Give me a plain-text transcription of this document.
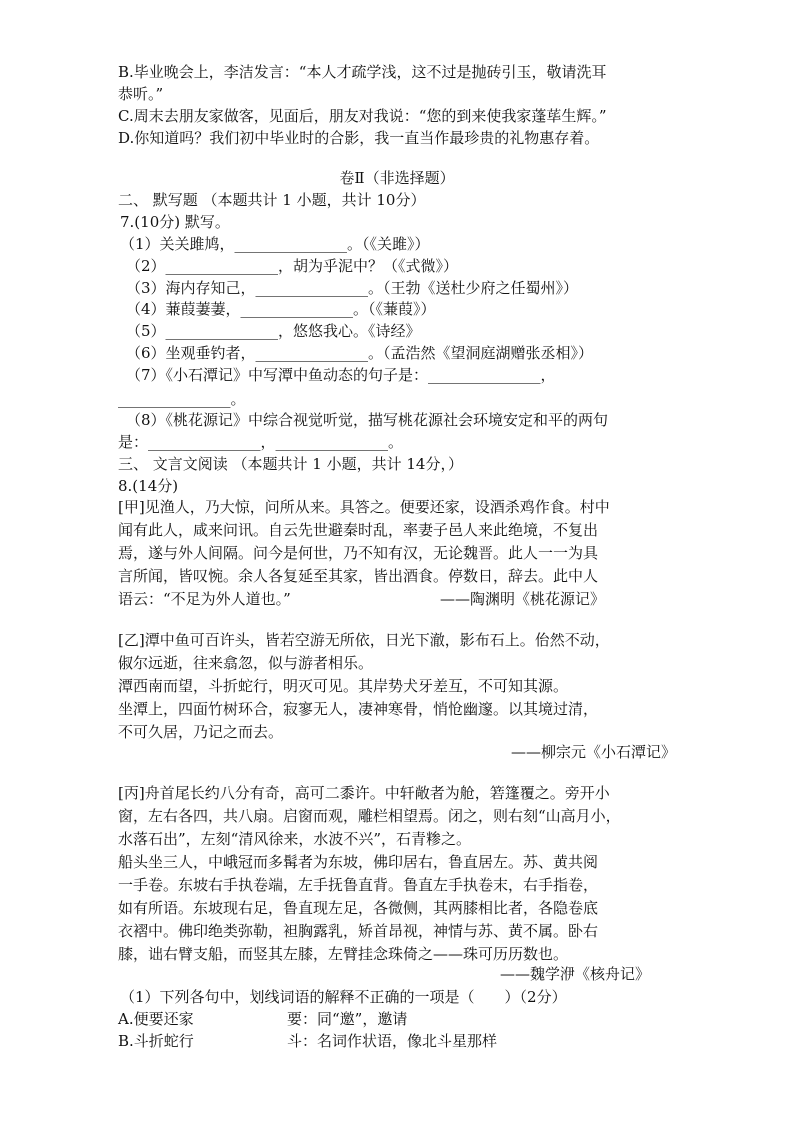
B.毕业晚会上，李洁发言：“本人才疏学浅，这不过是抛砖引玉，敬请洗耳
恭听。”
C.周末去朋友家做客，见面后，朋友对我说：“您的到来使我家蓬荜生辉。”
D.你知道吗？我们初中毕业时的合影，我一直当作最珍贵的礼物惠存着。
卷Ⅱ（非选择题）
二、 默写题 （本题共计 1 小题，共计 10分）
7.(10分) 默写。
（1）关关雎鸠，_______________。（《关雎》）
（2）_______________，胡为乎泥中？（《式微》）
（3）海内存知己，_______________。（王勃《送杜少府之任蜀州》）
（4）蒹葭萋萋，_______________。（《蒹葭》）
（5）_______________，悠悠我心。《诗经》
（6）坐观垂钓者，_______________。（孟浩然《望洞庭湖赠张丞相》）
（7）《小石潭记》中写潭中鱼动态的句子是：_______________，
_______________。
（8）《桃花源记》中综合视觉听觉，描写桃花源社会环境安定和平的两句
是：_______________，_______________。
三、 文言文阅读 （本题共计 1 小题，共计 14分，）
8.(14分)
[甲]见渔人，乃大惊，问所从来。具答之。便要还家，设酒杀鸡作食。村中
闻有此人，咸来问讯。自云先世避秦时乱，率妻子邑人来此绝境，不复出
焉，遂与外人间隔。问今是何世，乃不知有汉，无论魏晋。此人一一为具
言所闻，皆叹惋。余人各复延至其家，皆出酒食。停数日，辞去。此中人
语云：“不足为外人道也。”	——陶渊明《桃花源记》
[乙]潭中鱼可百许头，皆若空游无所依，日光下澈，影布石上。佁然不动，
俶尔远逝，往来翕忽，似与游者相乐。
潭西南而望，斗折蛇行，明灭可见。其岸势犬牙差互，不可知其源。
坐潭上，四面竹树环合，寂寥无人，凄神寒骨，悄怆幽邃。以其境过清，
不可久居，乃记之而去。
——柳宗元《小石潭记》
[丙]舟首尾长约八分有奇，高可二黍许。中轩敞者为舱，箬篷覆之。旁开小
窗，左右各四，共八扇。启窗而观，雕栏相望焉。闭之，则右刻“山高月小，
水落石出”，左刻“清风徐来，水波不兴”，石青糁之。
船头坐三人，中峨冠而多髯者为东坡，佛印居右，鲁直居左。苏、黄共阅
一手卷。东坡右手执卷端，左手抚鲁直背。鲁直左手执卷末，右手指卷，
如有所语。东坡现右足，鲁直现左足，各微侧，其两膝相比者，各隐卷底
衣褶中。佛印绝类弥勒，袒胸露乳，矫首昂视，神情与苏、黄不属。卧右
膝，诎右臂支船，而竖其左膝，左臂挂念珠倚之——珠可历历数也。
——魏学洢《核舟记》
（1）下列各句中，划线词语的解释不正确的一项是（　　）（2分）
A.便要还家	要：同“邀”，邀请
B.斗折蛇行	斗：名词作状语，像北斗星那样
